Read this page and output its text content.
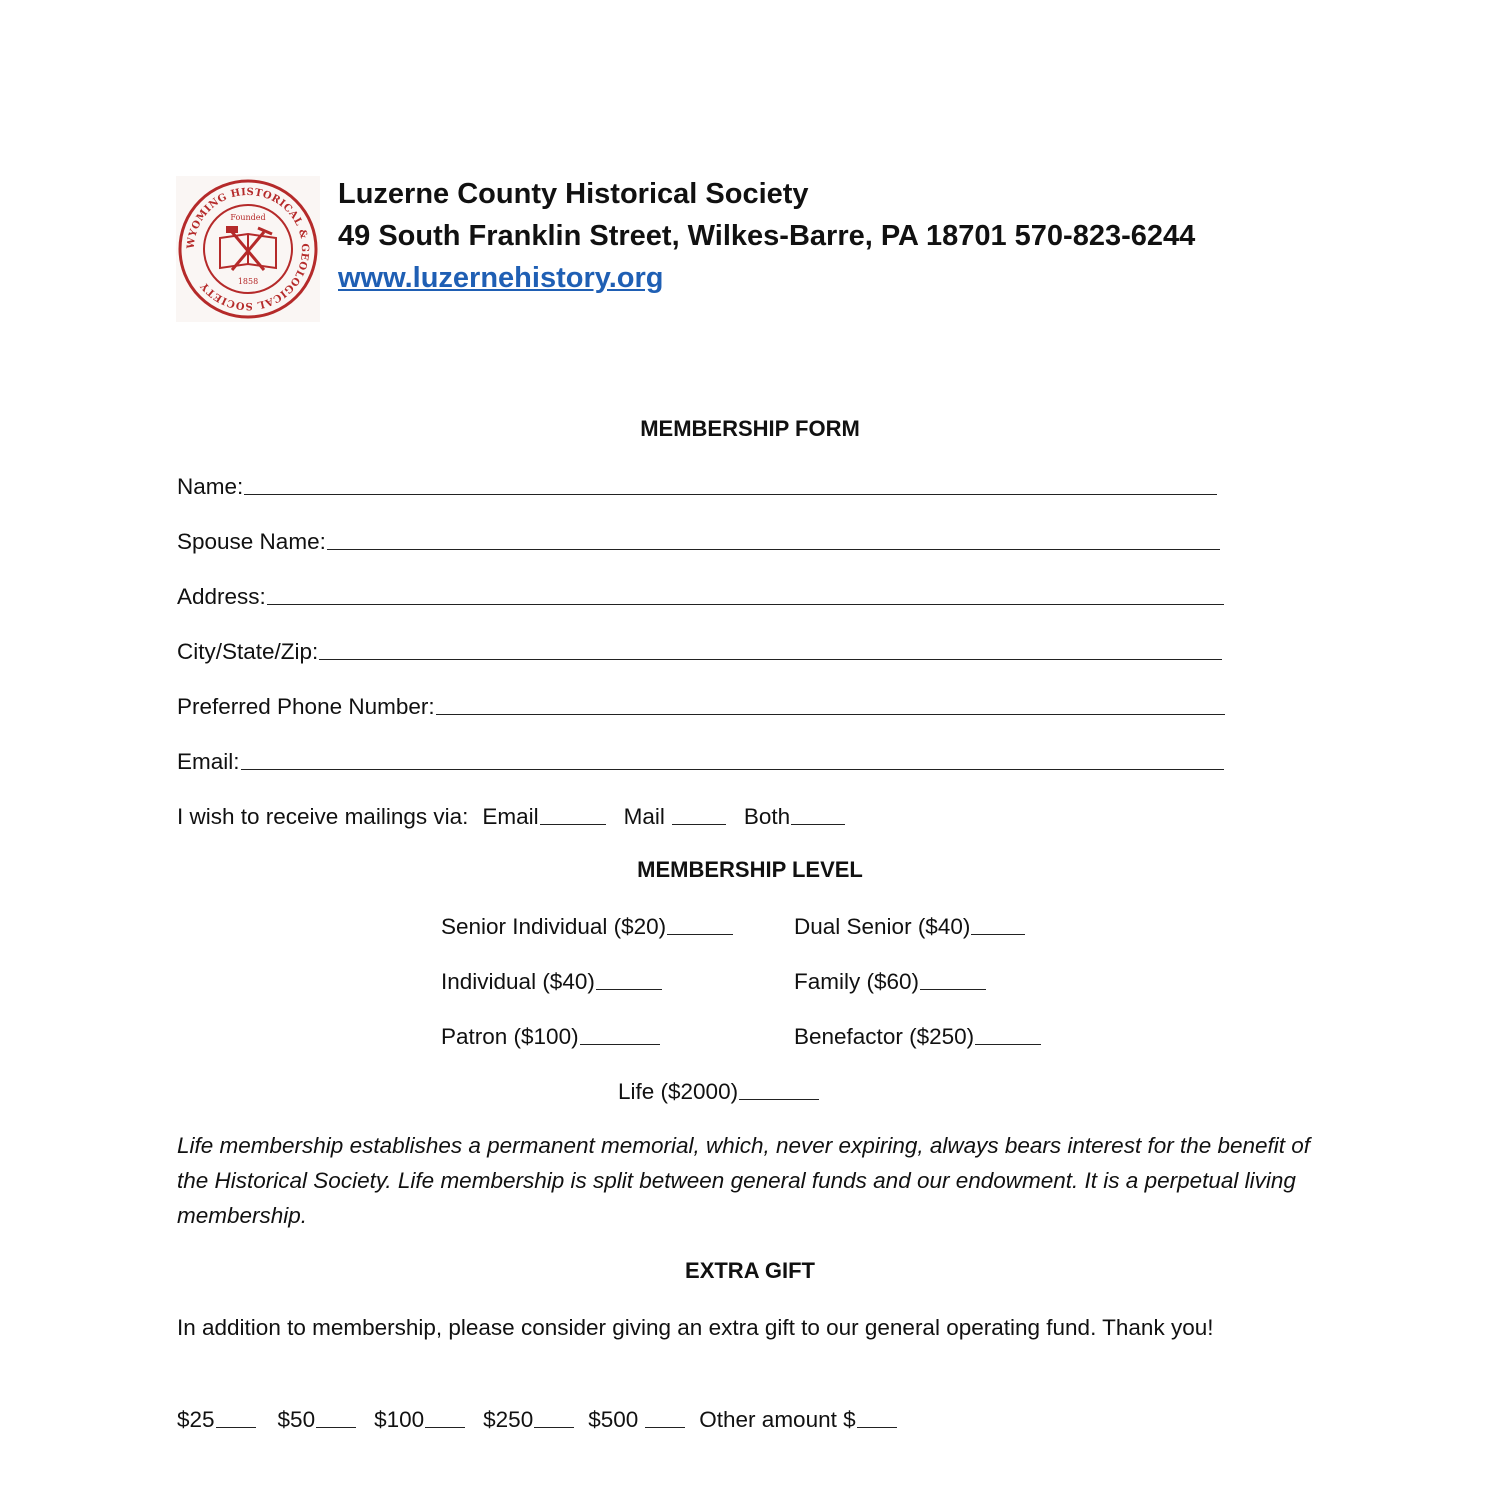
WYOMING HISTORICAL & GEOLOGICAL SOCIETY
Founded
1858
Luzerne County Historical Society
49 South Franklin Street, Wilkes-Barre, PA 18701 570-823-6244
www.luzernehistory.org
MEMBERSHIP FORM
Name:
Spouse Name:
Address:
City/State/Zip:
Preferred Phone Number:
Email:
I wish to receive mailings via: Email	Mail	Both
MEMBERSHIP LEVEL
Senior Individual ($20)	Dual Senior ($40)
Individual ($40)	Family ($60)
Patron ($100)	Benefactor ($250)
Life ($2000)
Life membership establishes a permanent memorial, which, never expiring, always bears interest for the benefit of the Historical Society. Life membership is split between general funds and our endowment. It is a perpetual living membership.
EXTRA GIFT
In addition to membership, please consider giving an extra gift to our general operating fund. Thank you!
$25	$50	$100	$250 $500	Other amount $
